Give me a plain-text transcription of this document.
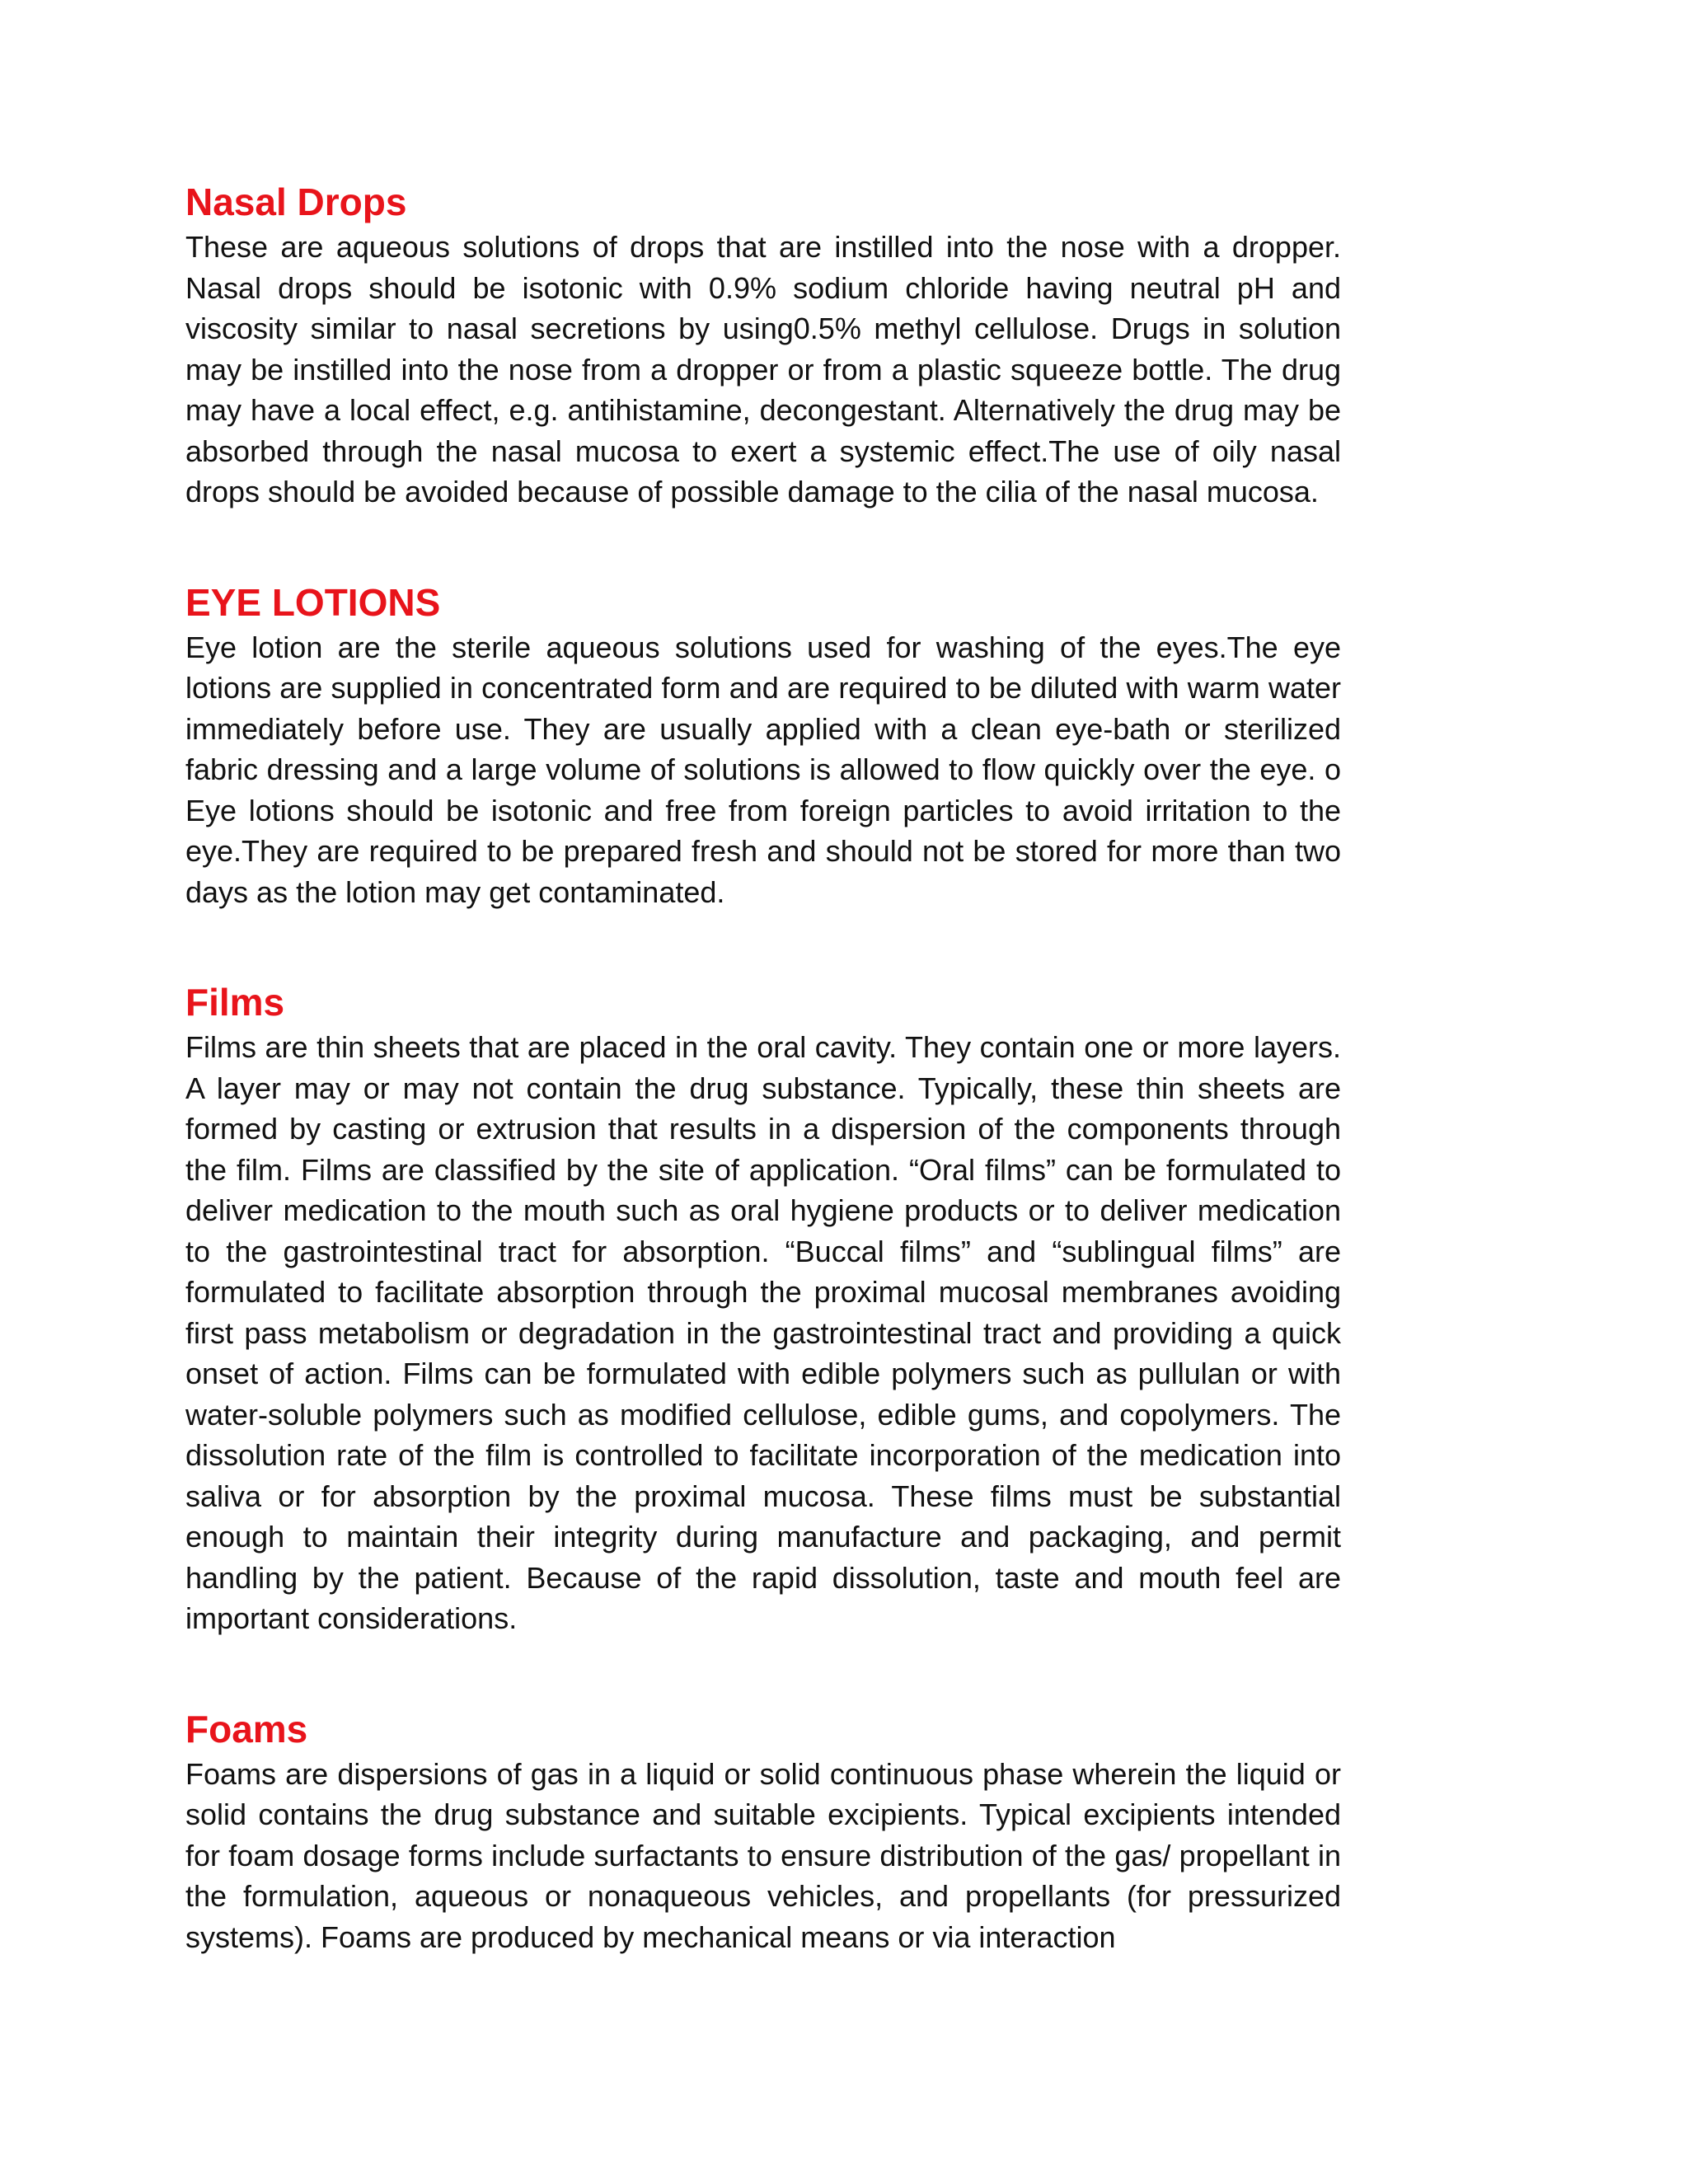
Nasal Drops

These are aqueous solutions of drops that are instilled into the nose with a dropper. Nasal drops should be isotonic with 0.9% sodium chloride having neutral pH and viscosity similar to nasal secretions by using0.5% methyl cellulose. Drugs in solution may be instilled into the nose from a dropper or from a plastic squeeze bottle. The drug may have a local effect, e.g. antihistamine, decongestant. Alternatively the drug may be absorbed through the nasal mucosa to exert a systemic effect.The use of oily nasal drops should be avoided because of possible damage to the cilia of the nasal mucosa.

EYE LOTIONS

Eye lotion are the sterile aqueous solutions used for washing of the eyes.The eye lotions are supplied in concentrated form and are required to be diluted with warm water immediately before use. They are usually applied with a clean eye-bath or sterilized fabric dressing and a large volume of solutions is allowed to flow quickly over the eye. o Eye lotions should be isotonic and free from foreign particles to avoid irritation to the eye.They are required to be prepared fresh and should not be stored for more than two days as the lotion may get contaminated.

Films

Films are thin sheets that are placed in the oral cavity. They contain one or more layers. A layer may or may not contain the drug substance. Typically, these thin sheets are formed by casting or extrusion that results in a dispersion of the components through the film. Films are classified by the site of application. “Oral films” can be formulated to deliver medication to the mouth such as oral hygiene products or to deliver medication to the gastrointestinal tract for absorption. “Buccal films” and “sublingual films” are formulated to facilitate absorption through the proximal mucosal membranes avoiding first pass metabolism or degradation in the gastrointestinal tract and providing a quick onset of action. Films can be formulated with edible polymers such as pullulan or with water-soluble polymers such as modified cellulose, edible gums, and copolymers. The dissolution rate of the film is controlled to facilitate incorporation of the medication into saliva or for absorption by the proximal mucosa. These films must be substantial enough to maintain their integrity during manufacture and packaging, and permit handling by the patient. Because of the rapid dissolution, taste and mouth feel are important considerations.

Foams

Foams are dispersions of gas in a liquid or solid continuous phase wherein the liquid or solid contains the drug substance and suitable excipients. Typical excipients intended for foam dosage forms include surfactants to ensure distribution of the gas/ propellant in the formulation, aqueous or nonaqueous vehicles, and propellants (for pressurized systems). Foams are produced by mechanical means or via interaction
